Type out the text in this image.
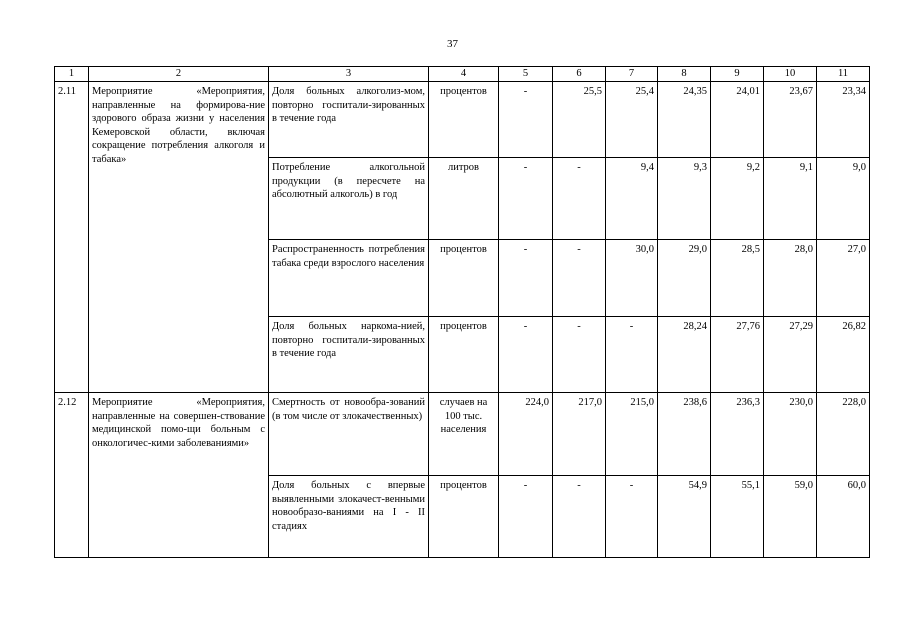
37
1	2	3	4	5	6	7	8	9	10	11
2.11	Мероприятие «Мероприятия, направленные на формирова-ние здорового образа жизни у населения Кемеровской области, включая сокращение потребления алкоголя и табака»	Доля больных алкоголиз-мом, повторно госпитали-зированных в течение года	процентов	-	25,5	25,4	24,35	24,01	23,67	23,34
		Потребление алкогольной продукции (в пересчете на абсолютный алкоголь) в год	литров	-	-	9,4	9,3	9,2	9,1	9,0
		Распространенность потребления табака среди взрослого населения	процентов	-	-	30,0	29,0	28,5	28,0	27,0
		Доля больных наркома-нией, повторно госпитали-зированных в течение года	процентов	-	-	-	28,24	27,76	27,29	26,82
2.12	Мероприятие «Мероприятия, направленные на совершен-ствование медицинской помо-щи больным с онкологичес-кими заболеваниями»	Смертность от новообра-зований (в том числе от злокачественных)	случаев на 100 тыс. населения	224,0	217,0	215,0	238,6	236,3	230,0	228,0
		Доля больных с впервые выявленными злокачест-венными новообразо-ваниями на I - II стадиях	процентов	-	-	-	54,9	55,1	59,0	60,0
